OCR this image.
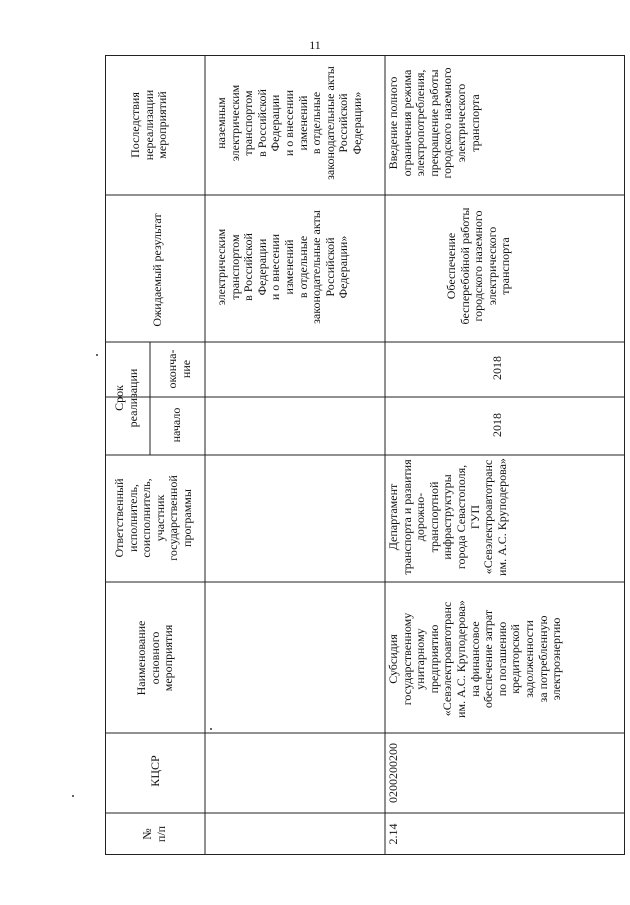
11
Последствия
нереализации
мероприятий
Ожидаемый результат
Срок
реализации оконча-
ние
начало
Ответственный
исполнитель,
соисполнитель,
участник
государственной
программы
Наименование
основного
мероприятия
КЦСР
№
п/п
наземным
электрическим
транспортом
в Российской
Федерации
и о внесении
изменений
в отдельные
законодательные акты
Российской
Федерации»
электрическим
транспортом
в Российской
Федерации
и о внесении
изменений
в отдельные
законодательные акты
Российской
Федерации»
Введение полного
ограничения режима
электропотребления,
прекращение работы
городского наземного
электрического
транспорта
Обеспечение
бесперебойной работы
городского наземного
электрического
транспорта
2018
2018
Департамент
транспорта и развития
дорожно-
транспортной
инфраструктуры
города Севастополя,
ГУП
«Севэлектроавтотранс
им. А.С. Круподерова»
Субсидия
государственному
унитарному
предприятию
«Севэлектроавтотранс
им. А.С. Круподерова»
на финансовое
обеспечение затрат
по погашению
кредиторской
задолженности
за потребленную
электроэнергию
0200200200
2.14
